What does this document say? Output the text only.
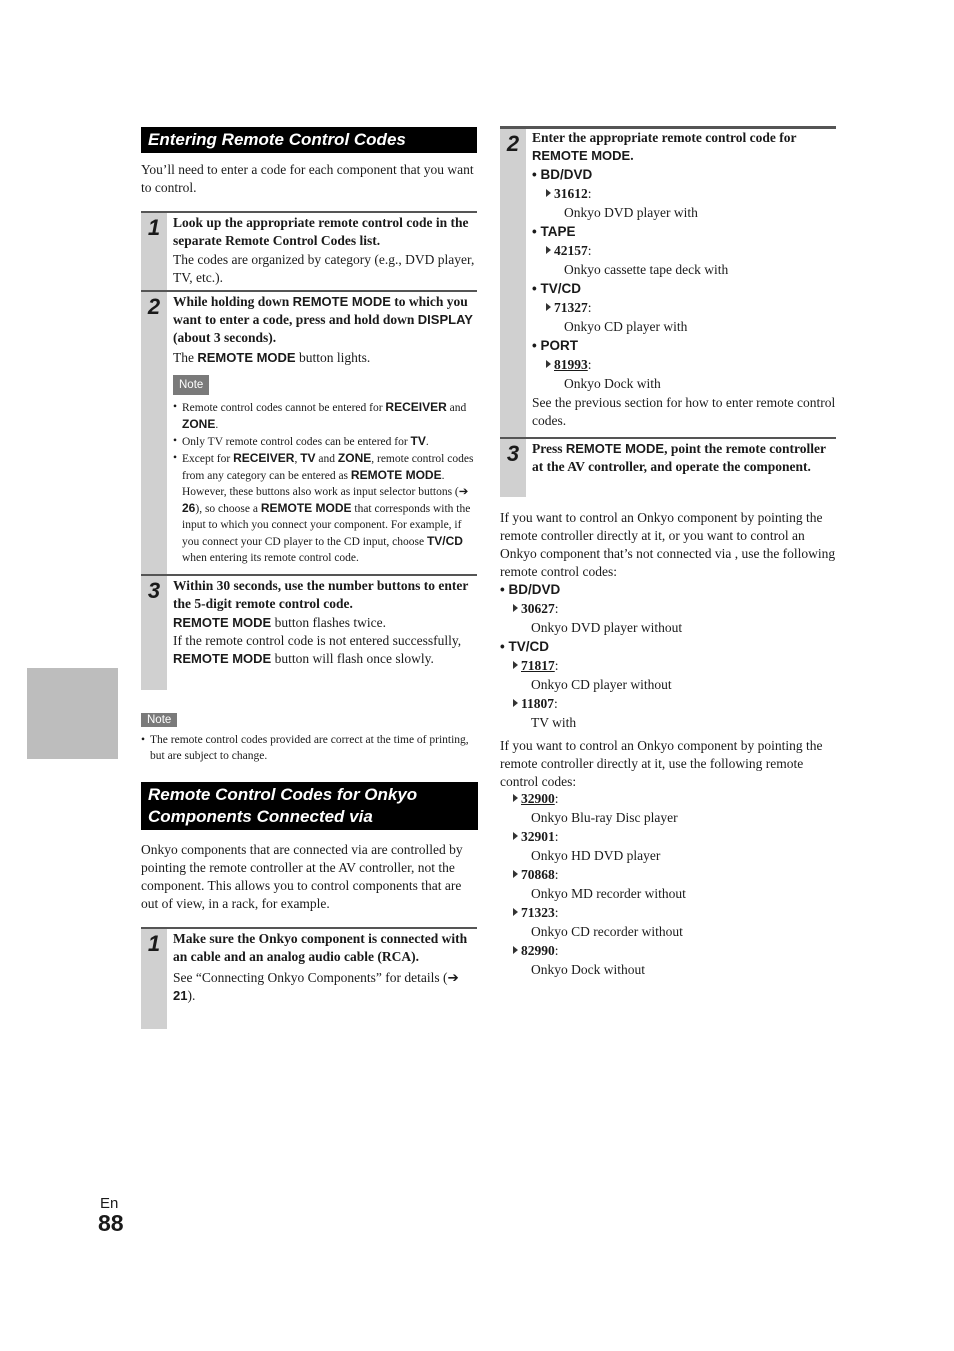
Entering Remote Control Codes
You’ll need to enter a code for each component that you want to control.
1 Look up the appropriate remote control code in the separate Remote Control Codes list.
The codes are organized by category (e.g., DVD player, TV, etc.).
2 While holding down REMOTE MODE to which you want to enter a code, press and hold down DISPLAY (about 3 seconds).
The REMOTE MODE button lights.
Note
• Remote control codes cannot be entered for RECEIVER and ZONE.
• Only TV remote control codes can be entered for TV.
• Except for RECEIVER, TV and ZONE, remote control codes from any category can be entered as REMOTE MODE. However, these buttons also work as input selector buttons (➔ 26), so choose a REMOTE MODE that corresponds with the input to which you connect your component. For example, if you connect your CD player to the CD input, choose TV/CD when entering its remote control code.
3 Within 30 seconds, use the number buttons to enter the 5-digit remote control code.
REMOTE MODE button flashes twice.
If the remote control code is not entered successfully, REMOTE MODE button will flash once slowly.
Note
• The remote control codes provided are correct at the time of printing, but are subject to change.
Remote Control Codes for Onkyo
Components Connected via
Onkyo components that are connected via are controlled by pointing the remote controller at the AV controller, not the component. This allows you to control components that are out of view, in a rack, for example.
1 Make sure the Onkyo component is connected with an cable and an analog audio cable (RCA).
See “Connecting Onkyo Components” for details (➔ 21).
2 Enter the appropriate remote control code for REMOTE MODE.
• BD/DVD
31612:
Onkyo DVD player with
• TAPE
42157:
Onkyo cassette tape deck with
• TV/CD
71327:
Onkyo CD player with
• PORT
81993:
Onkyo Dock with
See the previous section for how to enter remote control codes.
3 Press REMOTE MODE, point the remote controller at the AV controller, and operate the component.
If you want to control an Onkyo component by pointing the remote controller directly at it, or you want to control an Onkyo component that’s not connected via , use the following remote control codes:
• BD/DVD
30627:
Onkyo DVD player without
• TV/CD
71817:
Onkyo CD player without
11807:
TV with
If you want to control an Onkyo component by pointing the remote controller directly at it, use the following remote control codes:
32900:
Onkyo Blu-ray Disc player
32901:
Onkyo HD DVD player
70868:
Onkyo MD recorder without
71323:
Onkyo CD recorder without
82990:
Onkyo Dock without
En
88
